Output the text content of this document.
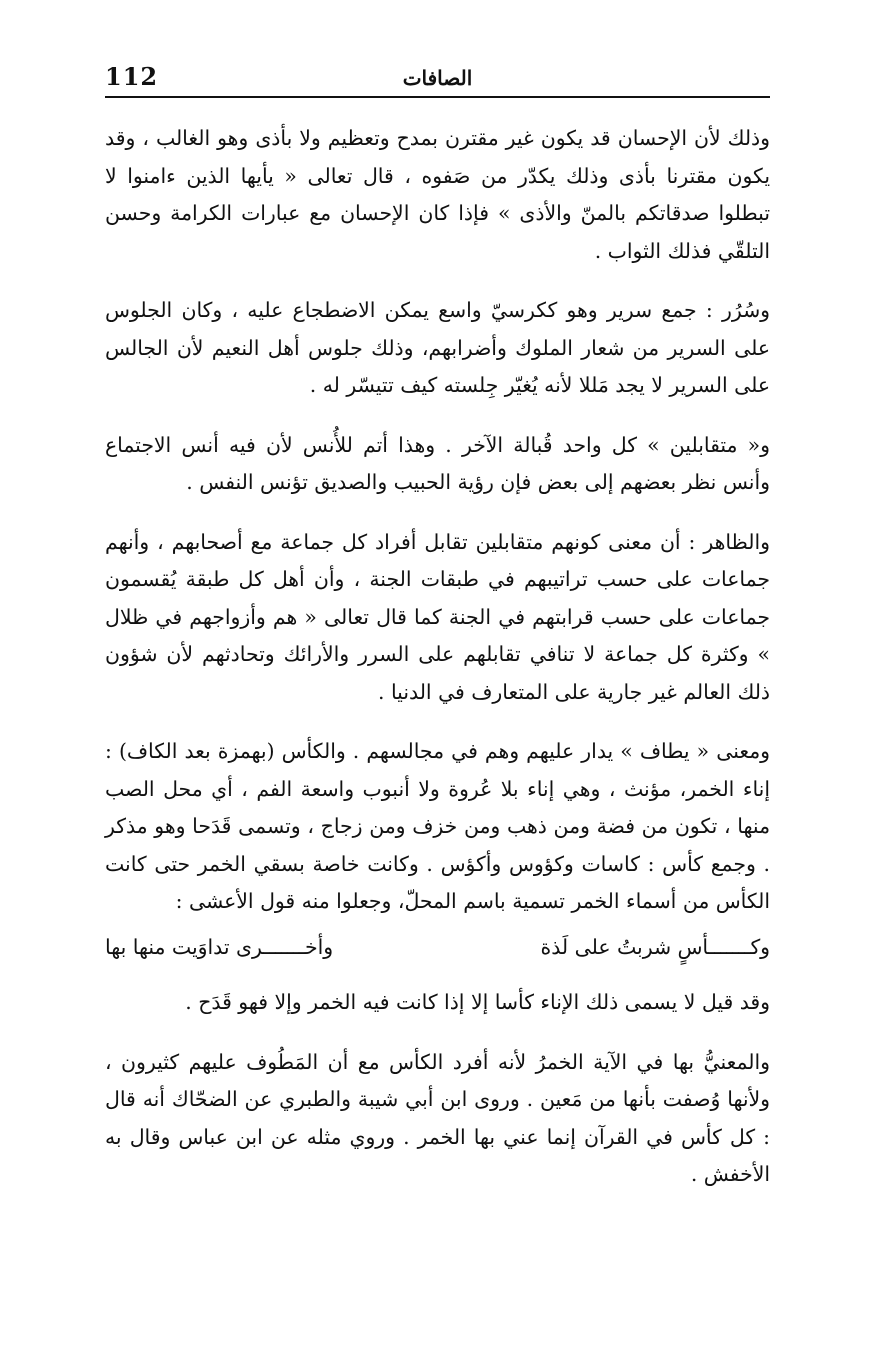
الصافات
112

وذلك لأن الإحسان قد يكون غير مقترن بمدح وتعظيم ولا بأذى وهو الغالب ، وقد يكون مقترنا بأذى وذلك يكدّر من صَفوه ، قال تعالى « يأيها الذين ءامنوا لا تبطلوا صدقاتكم بالمنّ والأذى » فإذا كان الإحسان مع عبارات الكرامة وحسن التلقّي فذلك الثواب .

وسُرُر : جمع سرير وهو ككرسيّ واسع يمكن الاضطجاع عليه ، وكان الجلوس على السرير من شعار الملوك وأضرابهم، وذلك جلوس أهل النعيم لأن الجالس على السرير لا يجد مَللا لأنه يُغيّر جِلسته كيف تتيسّر له .

و« متقابلين » كل واحد قُبالة الآخر . وهذا أتم للأُنس لأن فيه أنس الاجتماع وأنس نظر بعضهم إلى بعض فإن رؤية الحبيب والصديق تؤنس النفس .

والظاهر : أن معنى كونهم متقابلين تقابل أفراد كل جماعة مع أصحابهم ، وأنهم جماعات على حسب تراتيبهم في طبقات الجنة ، وأن أهل كل طبقة يُقسمون جماعات على حسب قرابتهم في الجنة كما قال تعالى « هم وأزواجهم في ظلال » وكثرة كل جماعة لا تنافي تقابلهم على السرر والأرائك وتحادثهم لأن شؤون ذلك العالم غير جارية على المتعارف في الدنيا .

ومعنى « يطاف » يدار عليهم وهم في مجالسهم . والكأس (بهمزة بعد الكاف) : إناء الخمر، مؤنث ، وهي إناء بلا عُروة ولا أنبوب واسعة الفم ، أي محل الصب منها ، تكون من فضة ومن ذهب ومن خزف ومن زجاج ، وتسمى قَدَحا وهو مذكر . وجمع كأس : كاسات وكؤوس وأكؤس . وكانت خاصة بسقي الخمر حتى كانت الكأس من أسماء الخمر تسمية باسم المحلّ، وجعلوا منه قول الأعشى :

وكـــــــأسٍ شربتُ على لَذة
وأخـــــــرى تداوَيت منها بها

وقد قيل لا يسمى ذلك الإناء كأسا إلا إذا كانت فيه الخمر وإلا فهو قَدَح .

والمعنيُّ بها في الآية الخمرُ لأنه أفرد الكأس مع أن المَطُوف عليهم كثيرون ، ولأنها وُصفت بأنها من مَعين . وروى ابن أبي شيبة والطبري عن الضحّاك أنه قال : كل كأس في القرآن إنما عني بها الخمر . وروي مثله عن ابن عباس وقال به الأخفش .
